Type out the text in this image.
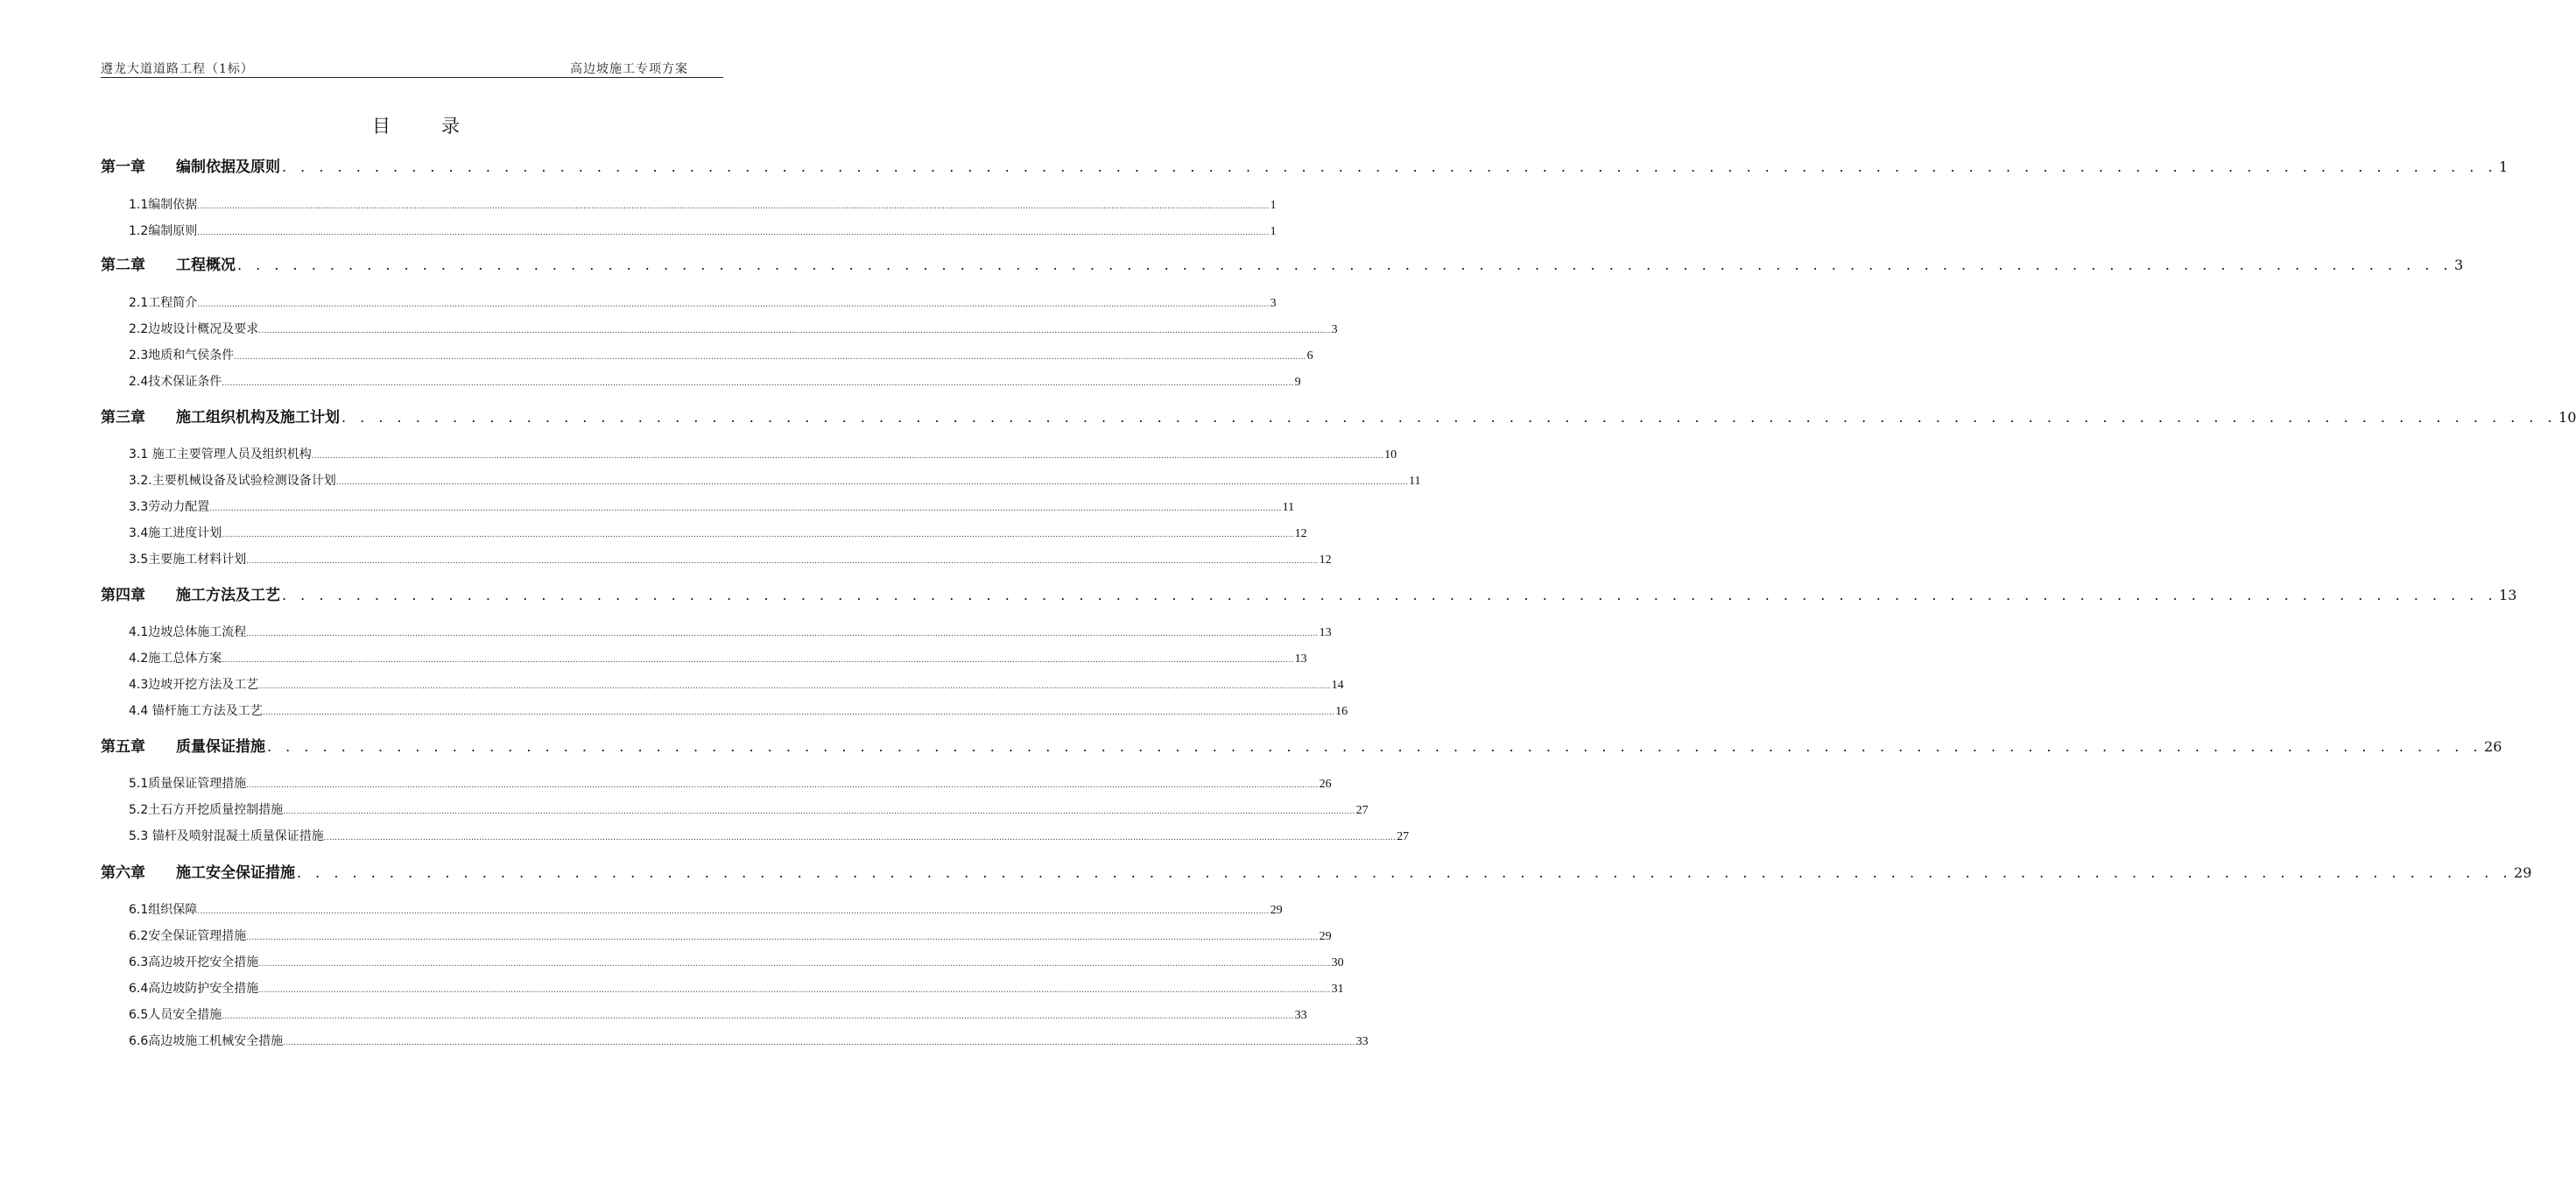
遵龙大道道路工程（1标）	高边坡施工专项方案
目录
第一章 编制依据及原则 . . . . . . . . . . . . . . . . . . . . . . . . . . . . . . . . . . . . . . . . . . . . . . . . . . . . . . . . . . . . . . . . . . . . . . . . . . . . . . . . . . . . . . . . . . . . . . . . . . . . . . . . . . . . . . . . . . . . . . . . 1
1.1编制依据 ................................................................................................................................................................................................................................................................................................................................................................................................................ 1
1.2编制原则 ................................................................................................................................................................................................................................................................................................................................................................................................................ 1
第二章 工程概况 . . . . . . . . . . . . . . . . . . . . . . . . . . . . . . . . . . . . . . . . . . . . . . . . . . . . . . . . . . . . . . . . . . . . . . . . . . . . . . . . . . . . . . . . . . . . . . . . . . . . . . . . . . . . . . . . . . . . . . . . 3
2.1工程简介 ................................................................................................................................................................................................................................................................................................................................................................................................................ 3
2.2边坡设计概况及要求 ................................................................................................................................................................................................................................................................................................................................................................................................................ 3
2.3地质和气侯条件 ................................................................................................................................................................................................................................................................................................................................................................................................................ 6
2.4技术保证条件 ................................................................................................................................................................................................................................................................................................................................................................................................................ 9
第三章 施工组织机构及施工计划 . . . . . . . . . . . . . . . . . . . . . . . . . . . . . . . . . . . . . . . . . . . . . . . . . . . . . . . . . . . . . . . . . . . . . . . . . . . . . . . . . . . . . . . . . . . . . . . . . . . . . . . . . . . . . . . . . . . . . . . . 10
3.1 施工主要管理人员及组织机构 ................................................................................................................................................................................................................................................................................................................................................................................................................ 10
3.2.主要机械设备及试验检测设备计划 ................................................................................................................................................................................................................................................................................................................................................................................................................ 11
3.3劳动力配置 ................................................................................................................................................................................................................................................................................................................................................................................................................ 11
3.4施工进度计划 ................................................................................................................................................................................................................................................................................................................................................................................................................ 12
3.5主要施工材料计划 ................................................................................................................................................................................................................................................................................................................................................................................................................ 12
第四章 施工方法及工艺 . . . . . . . . . . . . . . . . . . . . . . . . . . . . . . . . . . . . . . . . . . . . . . . . . . . . . . . . . . . . . . . . . . . . . . . . . . . . . . . . . . . . . . . . . . . . . . . . . . . . . . . . . . . . . . . . . . . . . . . . 13
4.1边坡总体施工流程 ................................................................................................................................................................................................................................................................................................................................................................................................................ 13
4.2施工总体方案 ................................................................................................................................................................................................................................................................................................................................................................................................................ 13
4.3边坡开挖方法及工艺 ................................................................................................................................................................................................................................................................................................................................................................................................................ 14
4.4 锚杆施工方法及工艺 ................................................................................................................................................................................................................................................................................................................................................................................................................ 16
第五章 质量保证措施 . . . . . . . . . . . . . . . . . . . . . . . . . . . . . . . . . . . . . . . . . . . . . . . . . . . . . . . . . . . . . . . . . . . . . . . . . . . . . . . . . . . . . . . . . . . . . . . . . . . . . . . . . . . . . . . . . . . . . . . . 26
5.1质量保证管理措施 ................................................................................................................................................................................................................................................................................................................................................................................................................ 26
5.2土石方开挖质量控制措施 ................................................................................................................................................................................................................................................................................................................................................................................................................ 27
5.3 锚杆及喷射混凝土质量保证措施 ................................................................................................................................................................................................................................................................................................................................................................................................................ 27
第六章 施工安全保证措施 . . . . . . . . . . . . . . . . . . . . . . . . . . . . . . . . . . . . . . . . . . . . . . . . . . . . . . . . . . . . . . . . . . . . . . . . . . . . . . . . . . . . . . . . . . . . . . . . . . . . . . . . . . . . . . . . . . . . . . . . 29
6.1组织保障 ................................................................................................................................................................................................................................................................................................................................................................................................................ 29
6.2安全保证管理措施 ................................................................................................................................................................................................................................................................................................................................................................................................................ 29
6.3高边坡开挖安全措施 ................................................................................................................................................................................................................................................................................................................................................................................................................ 30
6.4高边坡防护安全措施 ................................................................................................................................................................................................................................................................................................................................................................................................................ 31
6.5人员安全措施 ................................................................................................................................................................................................................................................................................................................................................................................................................ 33
6.6高边坡施工机械安全措施 ................................................................................................................................................................................................................................................................................................................................................................................................................ 33
